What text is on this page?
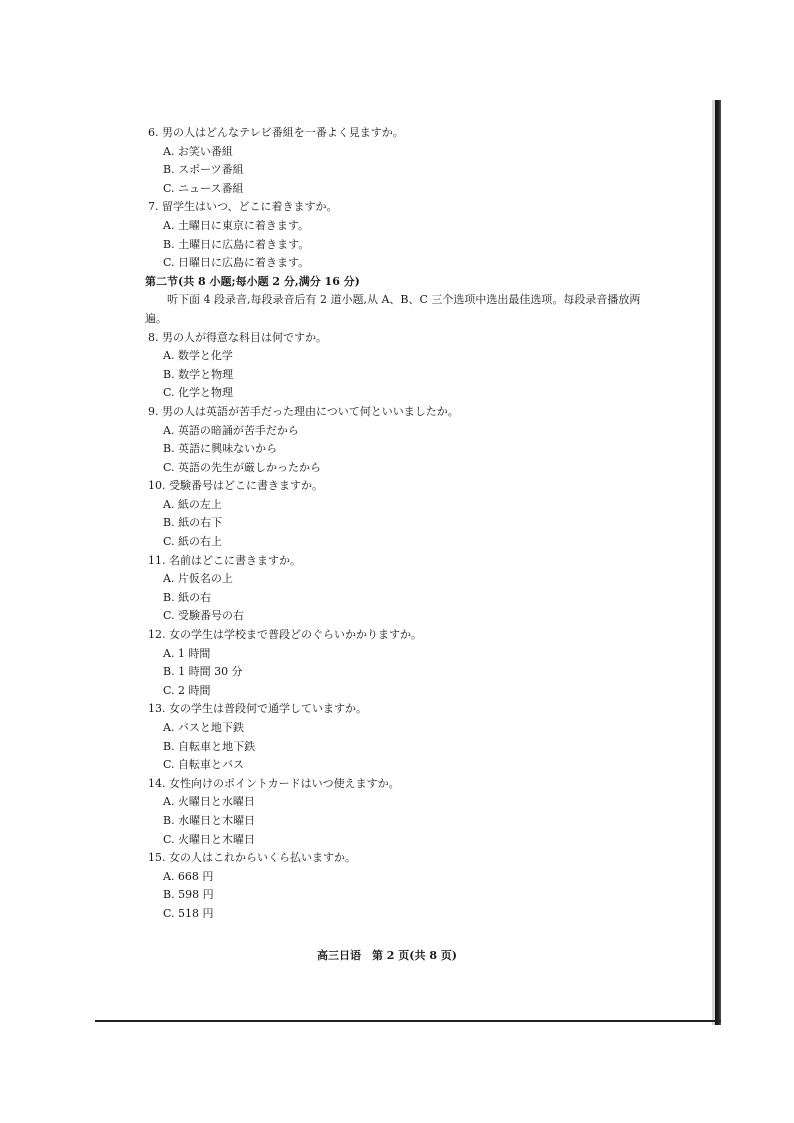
6. 男の人はどんなテレビ番組を一番よく見ますか。
A. お笑い番組
B. スポーツ番組
C. ニュース番組
7. 留学生はいつ、どこに着きますか。
A. 土曜日に東京に着きます。
B. 土曜日に広島に着きます。
C. 日曜日に広島に着きます。
第二节(共 8 小题;每小题 2 分,满分 16 分)
听下面 4 段录音,每段录音后有 2 道小题,从 A、B、C 三个选项中选出最佳选项。每段录音播放两遍。
8. 男の人が得意な科目は何ですか。
A. 数学と化学
B. 数学と物理
C. 化学と物理
9. 男の人は英語が苦手だった理由について何といいましたか。
A. 英語の暗誦が苦手だから
B. 英語に興味ないから
C. 英語の先生が厳しかったから
10. 受験番号はどこに書きますか。
A. 紙の左上
B. 紙の右下
C. 紙の右上
11. 名前はどこに書きますか。
A. 片仮名の上
B. 紙の右
C. 受験番号の右
12. 女の学生は学校まで普段どのぐらいかかりますか。
A. 1 時間
B. 1 時間 30 分
C. 2 時間
13. 女の学生は普段何で通学していますか。
A. バスと地下鉄
B. 自転車と地下鉄
C. 自転車とバス
14. 女性向けのポイントカードはいつ使えますか。
A. 火曜日と水曜日
B. 水曜日と木曜日
C. 火曜日と木曜日
15. 女の人はこれからいくら払いますか。
A. 668 円
B. 598 円
C. 518 円
高三日语　第 2 页(共 8 页)
